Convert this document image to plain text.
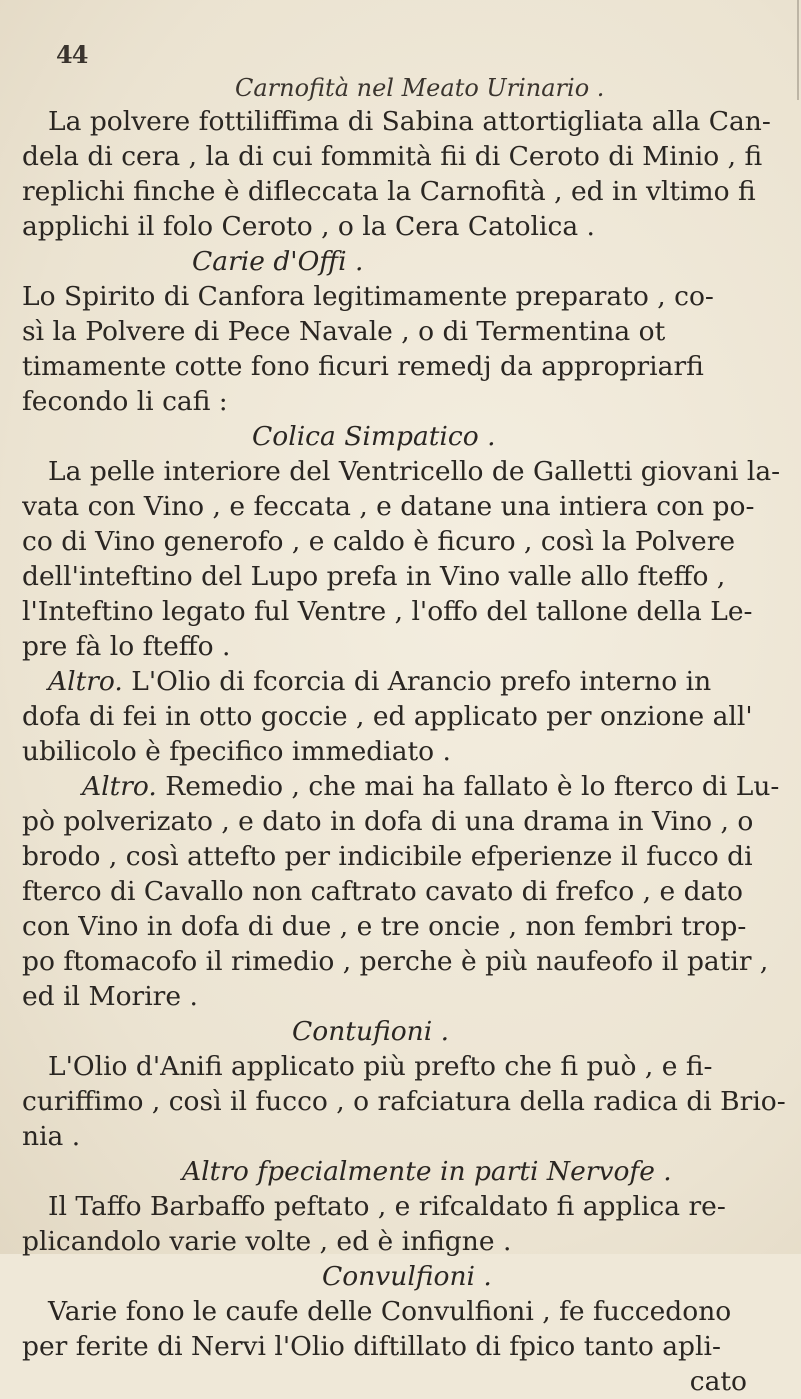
44
Carnofità nel Meato Urinario .
La polvere fottiliffima di Sabina attortigliata alla Can-
dela di cera , la di cui fommità fii di Ceroto di Minio , fi
replichi finche è difleccata la Carnofità , ed in vltimo fi
applichi il folo Ceroto , o la Cera Catolica .
Carie d'Offi .
Lo Spirito di Canfora legitimamente preparato , co-
sì la Polvere di Pece Navale , o di Termentina ot
timamente cotte fono ficuri remedj da appropriarfi
fecondo li cafi :
Colica Simpatico .
La pelle interiore del Ventricello de Galletti giovani la-
vata con Vino , e feccata , e datane una intiera con po-
co di Vino generofo , e caldo è ficuro , così la Polvere
dell'inteftino del Lupo prefa in Vino valle allo fteffo ,
l'Inteftino legato ful Ventre , l'offo del tallone della Le-
pre fà lo fteffo .
Altro. L'Olio di fcorcia di Arancio prefo interno in
dofa di fei in otto goccie , ed applicato per onzione all'
ubilicolo è fpecifico immediato .
Altro. Remedio , che mai ha fallato è lo fterco di Lu-
pò polverizato , e dato in dofa di una drama in Vino , o
brodo , così attefto per indicibile efperienze il fucco di
fterco di Cavallo non caftrato cavato di frefco , e dato
con Vino in dofa di due , e tre oncie , non fembri trop-
po ftomacofo il rimedio , perche è più naufeofo il patir ,
ed il Morire .
Contufioni .
L'Olio d'Anifi applicato più prefto che fi può , e fi-
curiffimo , così il fucco , o rafciatura della radica di Brio-
nia .
Altro fpecialmente in parti Nervofe .
Il Taffo Barbaffo peftato , e rifcaldato fi applica re-
plicandolo varie volte , ed è infigne .
Convulfioni .
Varie fono le caufe delle Convulfioni , fe fuccedono
per ferite di Nervi l'Olio diftillato di fpico tanto apli-
cato
